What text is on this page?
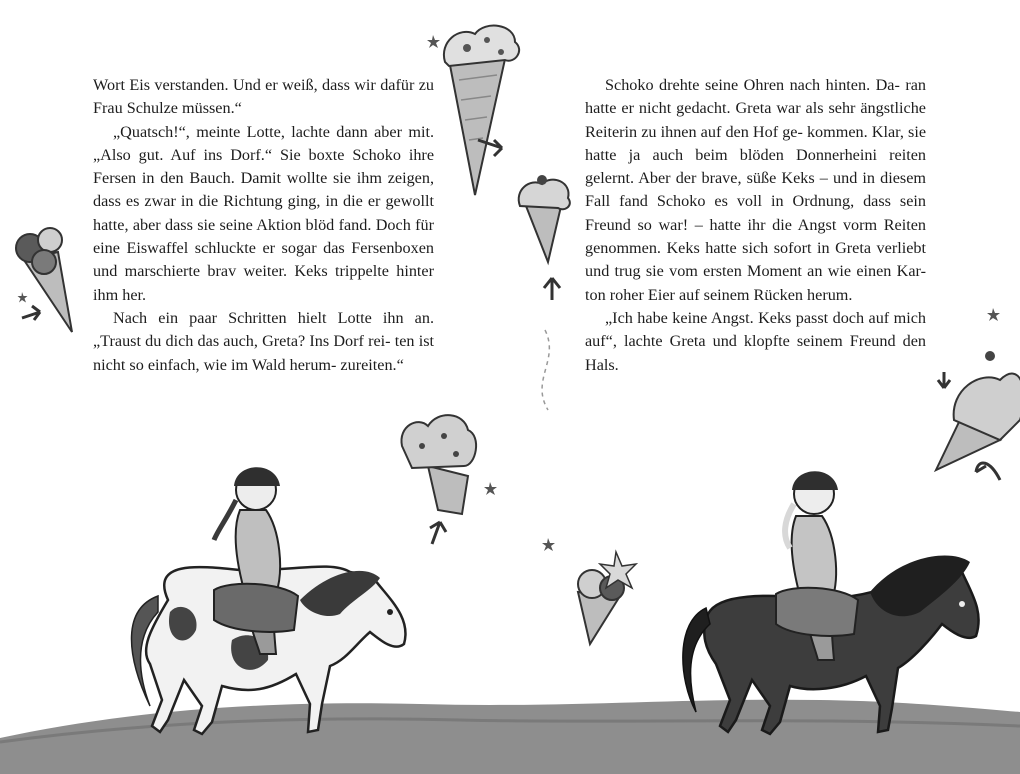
Wort Eis verstanden. Und er weiß, dass wir dafür zu Frau Schulze müssen.“

„Quatsch!“, meinte Lotte, lachte dann aber mit. „Also gut. Auf ins Dorf.“ Sie boxte Schoko ihre Fersen in den Bauch. Damit wollte sie ihm zeigen, dass es zwar in die Richtung ging, in die er gewollt hatte, aber dass sie seine Aktion blöd fand. Doch für eine Eiswaffel schluckte er sogar das Fersenboxen und marschierte brav weiter. Keks trippelte hinter ihm her.

Nach ein paar Schritten hielt Lotte ihn an. „Traust du dich das auch, Greta? Ins Dorf rei- ten ist nicht so einfach, wie im Wald herum- zureiten.“

Schoko drehte seine Ohren nach hinten. Da- ran hatte er nicht gedacht. Greta war als sehr ängstliche Reiterin zu ihnen auf den Hof ge- kommen. Klar, sie hatte ja auch beim blöden Donnerheini reiten gelernt. Aber der brave, süße Keks – und in diesem Fall fand Schoko es voll in Ordnung, dass sein Freund so war! – hatte ihr die Angst vorm Reiten genommen. Keks hatte sich sofort in Greta verliebt und trug sie vom ersten Moment an wie einen Kar- ton roher Eier auf seinem Rücken herum.

„Ich habe keine Angst. Keks passt doch auf mich auf“, lachte Greta und klopfte seinem Freund den Hals.
